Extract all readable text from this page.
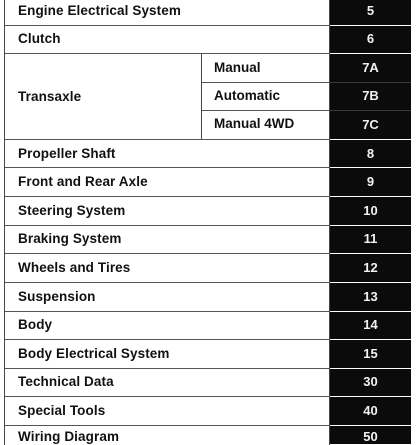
Engine Electrical System	5
Clutch	6
Transaxle
Manual	7A
Automatic	7B
Manual 4WD	7C
Propeller Shaft	8
Front and Rear Axle	9
Steering System	10
Braking System	11
Wheels and Tires	12
Suspension	13
Body	14
Body Electrical System	15
Technical Data	30
Special Tools	40
Wiring Diagram	50
